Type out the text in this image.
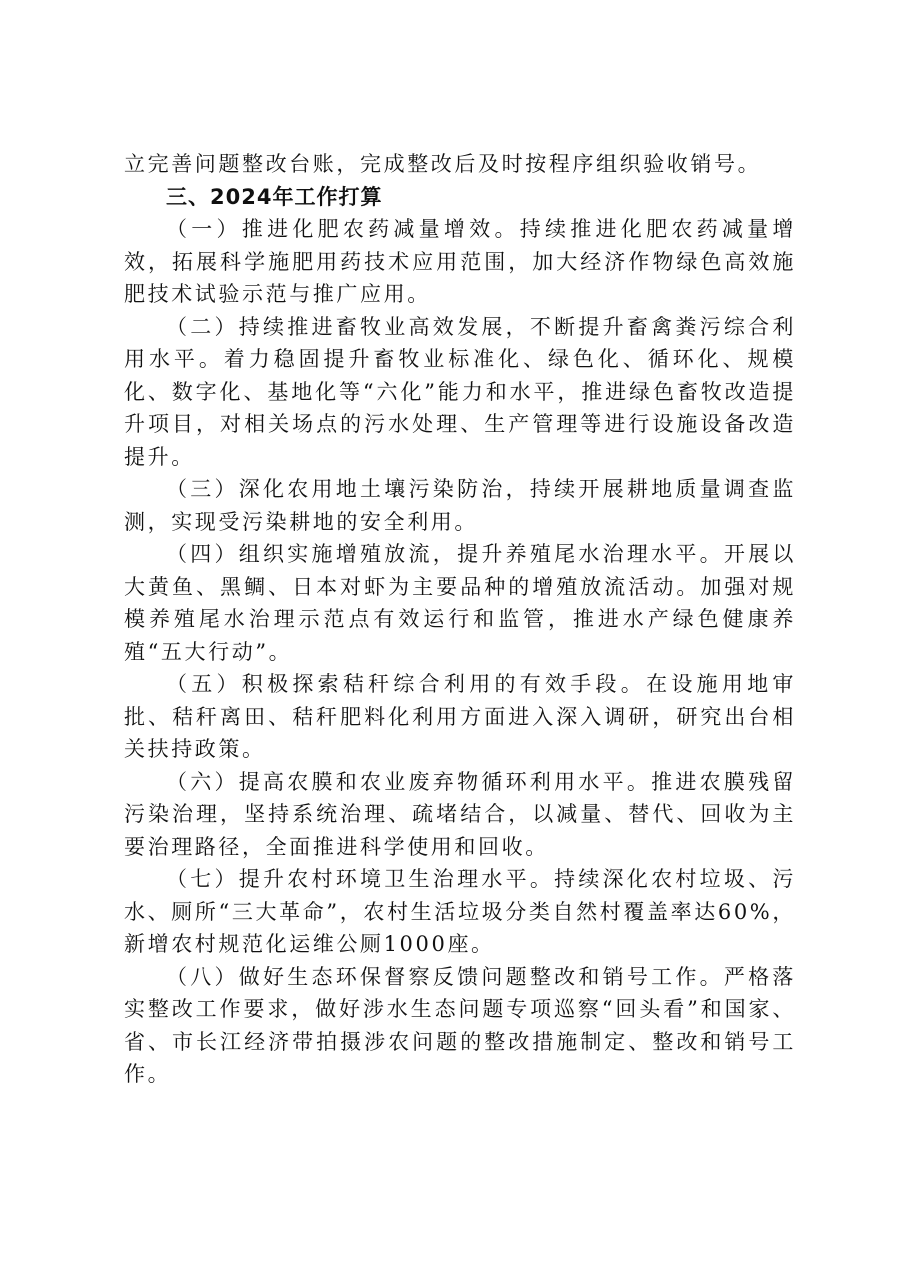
立完善问题整改台账，完成整改后及时按程序组织验收销号。

三、2024年工作打算

（一）推进化肥农药减量增效。持续推进化肥农药减量增效，拓展科学施肥用药技术应用范围，加大经济作物绿色高效施肥技术试验示范与推广应用。

（二）持续推进畜牧业高效发展，不断提升畜禽粪污综合利用水平。着力稳固提升畜牧业标准化、绿色化、循环化、规模化、数字化、基地化等“六化”能力和水平，推进绿色畜牧改造提升项目，对相关场点的污水处理、生产管理等进行设施设备改造提升。

（三）深化农用地土壤污染防治，持续开展耕地质量调查监测，实现受污染耕地的安全利用。

（四）组织实施增殖放流，提升养殖尾水治理水平。开展以大黄鱼、黑鲷、日本对虾为主要品种的增殖放流活动。加强对规模养殖尾水治理示范点有效运行和监管，推进水产绿色健康养殖“五大行动”。

（五）积极探索秸秆综合利用的有效手段。在设施用地审批、秸秆离田、秸秆肥料化利用方面进入深入调研，研究出台相关扶持政策。

（六）提高农膜和农业废弃物循环利用水平。推进农膜残留污染治理，坚持系统治理、疏堵结合，以减量、替代、回收为主要治理路径，全面推进科学使用和回收。

（七）提升农村环境卫生治理水平。持续深化农村垃圾、污水、厕所“三大革命”，农村生活垃圾分类自然村覆盖率达60%，新增农村规范化运维公厕1000座。

（八）做好生态环保督察反馈问题整改和销号工作。严格落实整改工作要求，做好涉水生态问题专项巡察“回头看”和国家、省、市长江经济带拍摄涉农问题的整改措施制定、整改和销号工作。
